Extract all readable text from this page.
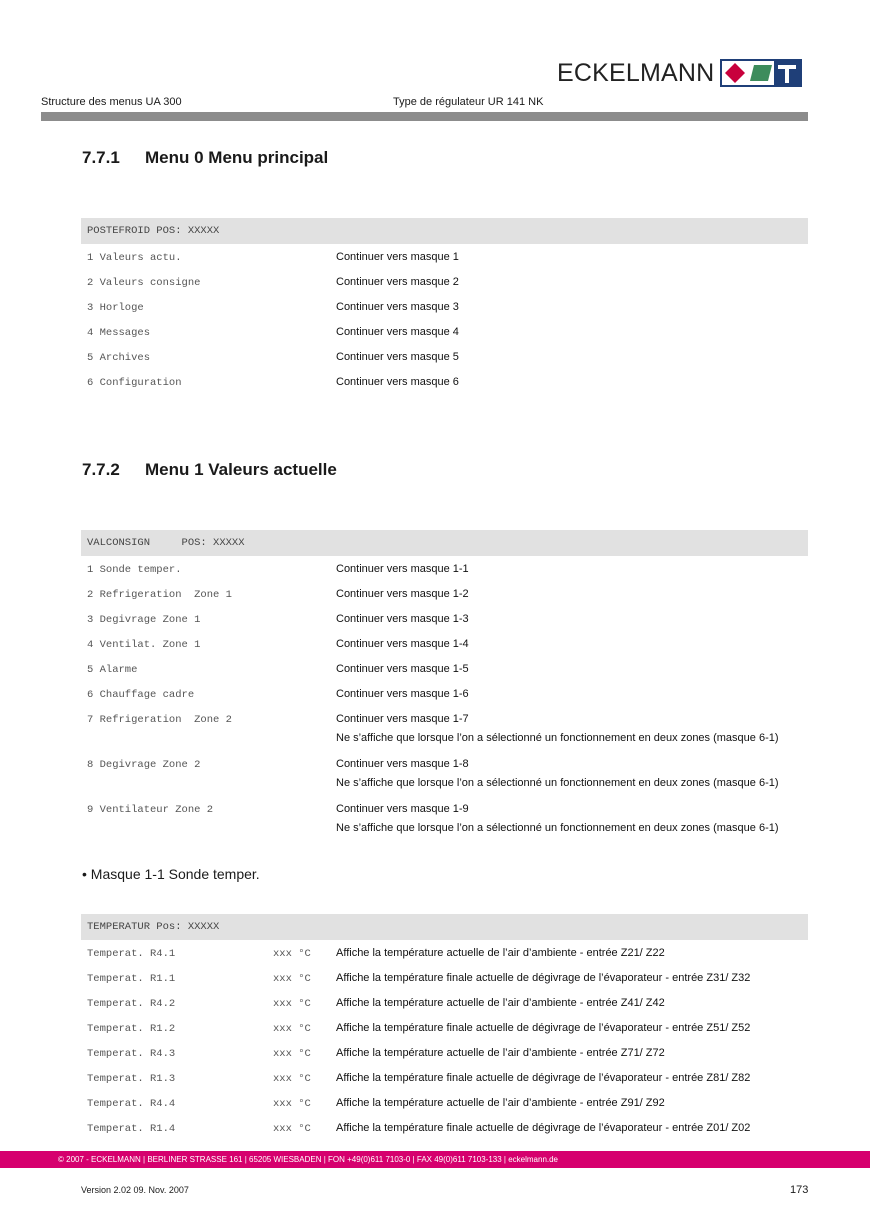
ECKELMANN
Structure des menus UA 300	Type de régulateur UR 141 NK
7.7.1 Menu 0 Menu principal
POSTEFROID POS: XXXXX
1 Valeurs actu.	Continuer vers masque 1
2 Valeurs consigne	Continuer vers masque 2
3 Horloge	Continuer vers masque 3
4 Messages	Continuer vers masque 4
5 Archives	Continuer vers masque 5
6 Configuration	Continuer vers masque 6
7.7.2 Menu 1 Valeurs actuelle
VALCONSIGN     POS: XXXXX
1 Sonde temper.	Continuer vers masque 1-1
2 Refrigeration  Zone 1	Continuer vers masque 1-2
3 Degivrage Zone 1	Continuer vers masque 1-3
4 Ventilat. Zone 1	Continuer vers masque 1-4
5 Alarme	Continuer vers masque 1-5
6 Chauffage cadre	Continuer vers masque 1-6
7 Refrigeration  Zone 2	Continuer vers masque 1-7
Ne s’affiche que lorsque l’on a sélectionné un fonctionnement en deux zones (masque 6-1)
8 Degivrage Zone 2	Continuer vers masque 1-8
Ne s’affiche que lorsque l’on a sélectionné un fonctionnement en deux zones (masque 6-1)
9 Ventilateur Zone 2	Continuer vers masque 1-9
Ne s’affiche que lorsque l’on a sélectionné un fonctionnement en deux zones (masque 6-1)
• Masque 1-1 Sonde temper.
TEMPERATUR Pos: XXXXX
Temperat. R4.1	xxx °C Affiche la température actuelle de l’air d’ambiente - entrée Z21/ Z22
Temperat. R1.1	xxx °C Affiche la température finale actuelle de dégivrage de l’évaporateur - entrée Z31/ Z32
Temperat. R4.2	xxx °C Affiche la température actuelle de l’air d’ambiente - entrée Z41/ Z42
Temperat. R1.2	xxx °C Affiche la température finale actuelle de dégivrage de l’évaporateur - entrée Z51/ Z52
Temperat. R4.3	xxx °C Affiche la température actuelle de l’air d’ambiente - entrée Z71/ Z72
Temperat. R1.3	xxx °C Affiche la température finale actuelle de dégivrage de l’évaporateur - entrée Z81/ Z82
Temperat. R4.4	xxx °C Affiche la température actuelle de l’air d’ambiente - entrée Z91/ Z92
Temperat. R1.4	xxx °C Affiche la température finale actuelle de dégivrage de l’évaporateur - entrée Z01/ Z02
© 2007 - ECKELMANN | BERLINER STRASSE 161 | 65205 WIESBADEN | FON +49(0)611 7103-0 | FAX 49(0)611 7103-133 | eckelmann.de
Version 2.02 09. Nov. 2007	173
